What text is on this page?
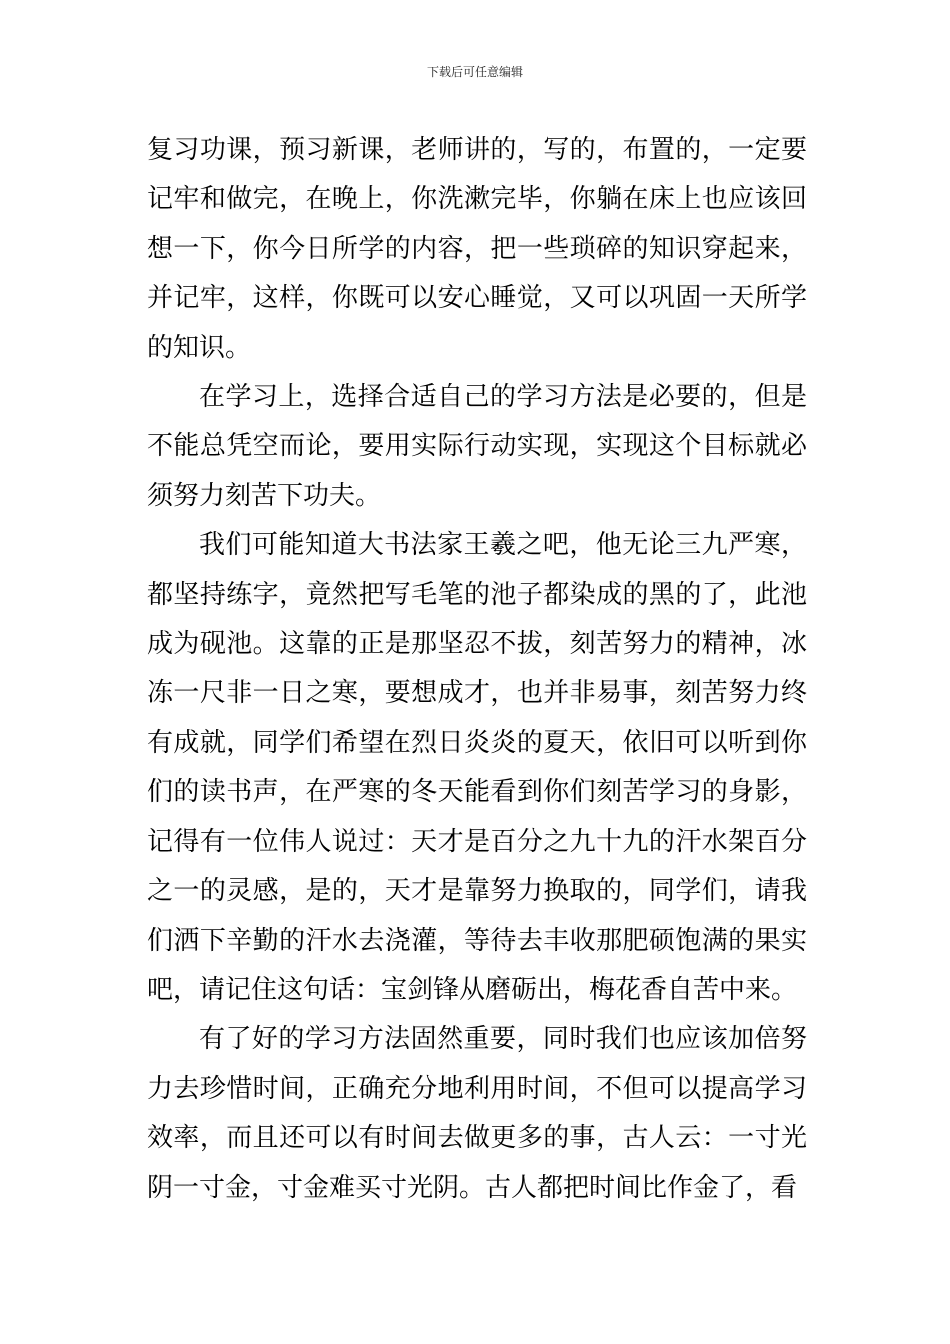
下载后可任意编辑

复习功课，预习新课，老师讲的，写的，布置的，一定要记牢和做完，在晚上，你洗漱完毕，你躺在床上也应该回想一下，你今日所学的内容，把一些琐碎的知识穿起来，并记牢，这样，你既可以安心睡觉，又可以巩固一天所学的知识。

在学习上，选择合适自己的学习方法是必要的，但是不能总凭空而论，要用实际行动实现，实现这个目标就必须努力刻苦下功夫。

我们可能知道大书法家王羲之吧，他无论三九严寒，都坚持练字，竟然把写毛笔的池子都染成的黑的了，此池成为砚池。这靠的正是那坚忍不拔，刻苦努力的精神，冰冻一尺非一日之寒，要想成才，也并非易事，刻苦努力终有成就，同学们希望在烈日炎炎的夏天，依旧可以听到你们的读书声，在严寒的冬天能看到你们刻苦学习的身影，记得有一位伟人说过：天才是百分之九十九的汗水架百分之一的灵感，是的，天才是靠努力换取的，同学们，请我们洒下辛勤的汗水去浇灌，等待去丰收那肥硕饱满的果实吧，请记住这句话：宝剑锋从磨砺出，梅花香自苦中来。

有了好的学习方法固然重要，同时我们也应该加倍努力去珍惜时间，正确充分地利用时间，不但可以提高学习效率，而且还可以有时间去做更多的事，古人云：一寸光阴一寸金，寸金难买寸光阴。古人都把时间比作金了，看
